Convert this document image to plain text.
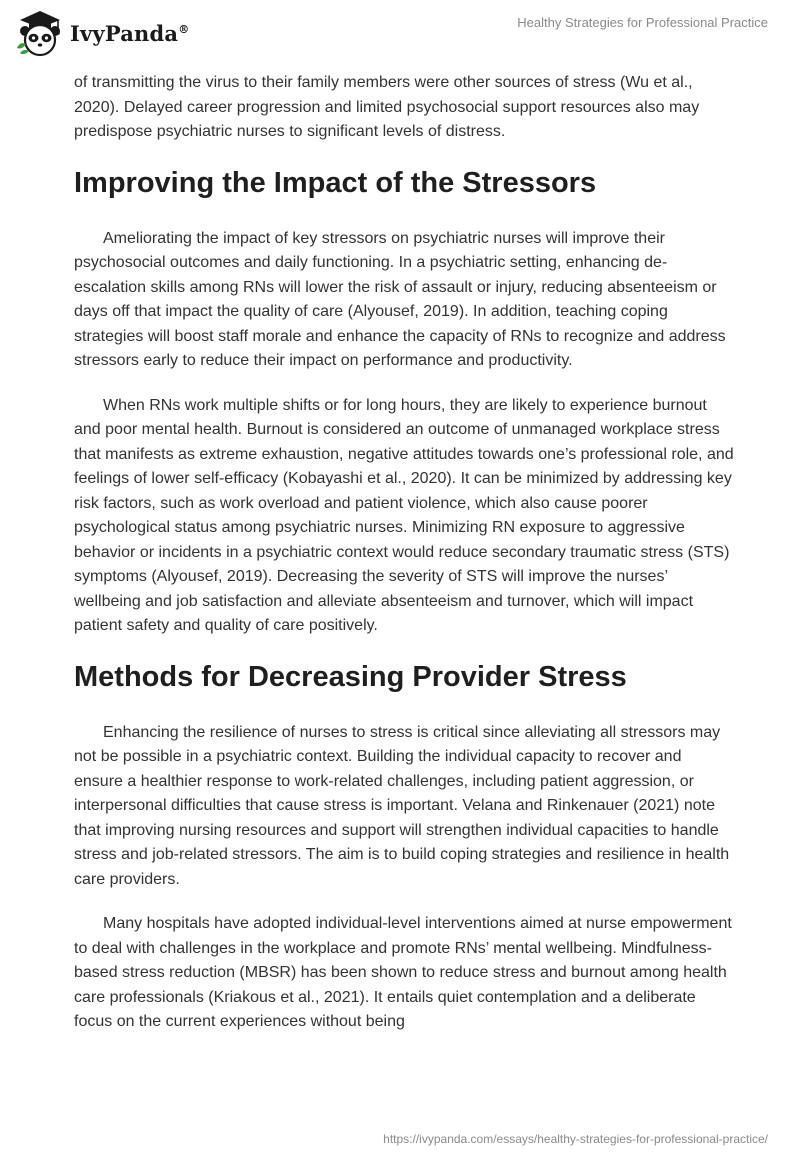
IvyPanda®	Healthy Strategies for Professional Practice

of transmitting the virus to their family members were other sources of stress (Wu et al., 2020). Delayed career progression and limited psychosocial support resources also may predispose psychiatric nurses to significant levels of distress.

Improving the Impact of the Stressors

Ameliorating the impact of key stressors on psychiatric nurses will improve their psychosocial outcomes and daily functioning. In a psychiatric setting, enhancing de-escalation skills among RNs will lower the risk of assault or injury, reducing absenteeism or days off that impact the quality of care (Alyousef, 2019). In addition, teaching coping strategies will boost staff morale and enhance the capacity of RNs to recognize and address stressors early to reduce their impact on performance and productivity.

When RNs work multiple shifts or for long hours, they are likely to experience burnout and poor mental health. Burnout is considered an outcome of unmanaged workplace stress that manifests as extreme exhaustion, negative attitudes towards one’s professional role, and feelings of lower self-efficacy (Kobayashi et al., 2020). It can be minimized by addressing key risk factors, such as work overload and patient violence, which also cause poorer psychological status among psychiatric nurses. Minimizing RN exposure to aggressive behavior or incidents in a psychiatric context would reduce secondary traumatic stress (STS) symptoms (Alyousef, 2019). Decreasing the severity of STS will improve the nurses’ wellbeing and job satisfaction and alleviate absenteeism and turnover, which will impact patient safety and quality of care positively.

Methods for Decreasing Provider Stress

Enhancing the resilience of nurses to stress is critical since alleviating all stressors may not be possible in a psychiatric context. Building the individual capacity to recover and ensure a healthier response to work-related challenges, including patient aggression, or interpersonal difficulties that cause stress is important. Velana and Rinkenauer (2021) note that improving nursing resources and support will strengthen individual capacities to handle stress and job-related stressors. The aim is to build coping strategies and resilience in health care providers.

Many hospitals have adopted individual-level interventions aimed at nurse empowerment to deal with challenges in the workplace and promote RNs’ mental wellbeing. Mindfulness-based stress reduction (MBSR) has been shown to reduce stress and burnout among health care professionals (Kriakous et al., 2021). It entails quiet contemplation and a deliberate focus on the current experiences without being

https://ivypanda.com/essays/healthy-strategies-for-professional-practice/
